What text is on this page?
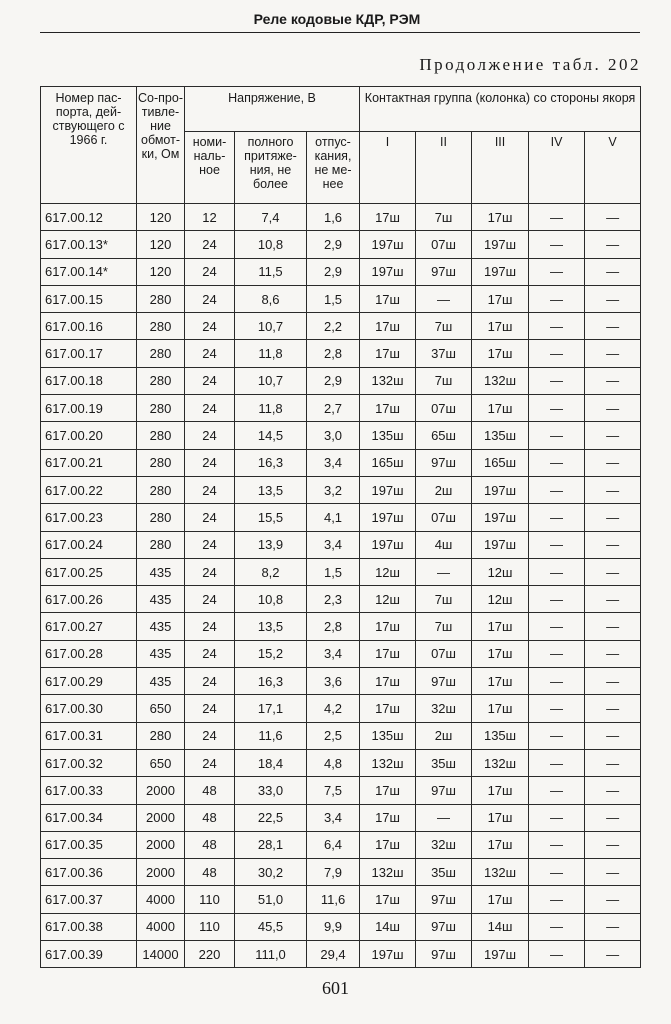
Реле кодовые КДР, РЭМ
Продолжение табл. 202
Номер пас-порта, дей-ствующего с 1966 г.	Со-про-тивле-ние обмот-ки, Ом	Напряжение, В			Контактная группа (колонка) со стороны якоря				
		номи-наль-ное	полного притяже-ния, не более	отпус-кания, не ме-нее	I	II	III	IV	V
617.00.12	120	12	7,4	1,6	17ш	7ш	17ш	—	—
617.00.13*	120	24	10,8	2,9	197ш	07ш	197ш	—	—
617.00.14*	120	24	11,5	2,9	197ш	97ш	197ш	—	—
617.00.15	280	24	8,6	1,5	17ш	—	17ш	—	—
617.00.16	280	24	10,7	2,2	17ш	7ш	17ш	—	—
617.00.17	280	24	11,8	2,8	17ш	37ш	17ш	—	—
617.00.18	280	24	10,7	2,9	132ш	7ш	132ш	—	—
617.00.19	280	24	11,8	2,7	17ш	07ш	17ш	—	—
617.00.20	280	24	14,5	3,0	135ш	65ш	135ш	—	—
617.00.21	280	24	16,3	3,4	165ш	97ш	165ш	—	—
617.00.22	280	24	13,5	3,2	197ш	2ш	197ш	—	—
617.00.23	280	24	15,5	4,1	197ш	07ш	197ш	—	—
617.00.24	280	24	13,9	3,4	197ш	4ш	197ш	—	—
617.00.25	435	24	8,2	1,5	12ш	—	12ш	—	—
617.00.26	435	24	10,8	2,3	12ш	7ш	12ш	—	—
617.00.27	435	24	13,5	2,8	17ш	7ш	17ш	—	—
617.00.28	435	24	15,2	3,4	17ш	07ш	17ш	—	—
617.00.29	435	24	16,3	3,6	17ш	97ш	17ш	—	—
617.00.30	650	24	17,1	4,2	17ш	32ш	17ш	—	—
617.00.31	280	24	11,6	2,5	135ш	2ш	135ш	—	—
617.00.32	650	24	18,4	4,8	132ш	35ш	132ш	—	—
617.00.33	2000	48	33,0	7,5	17ш	97ш	17ш	—	—
617.00.34	2000	48	22,5	3,4	17ш	—	17ш	—	—
617.00.35	2000	48	28,1	6,4	17ш	32ш	17ш	—	—
617.00.36	2000	48	30,2	7,9	132ш	35ш	132ш	—	—
617.00.37	4000	110	51,0	11,6	17ш	97ш	17ш	—	—
617.00.38	4000	110	45,5	9,9	14ш	97ш	14ш	—	—
617.00.39	14000	220	111,0	29,4	197ш	97ш	197ш	—	—
601
